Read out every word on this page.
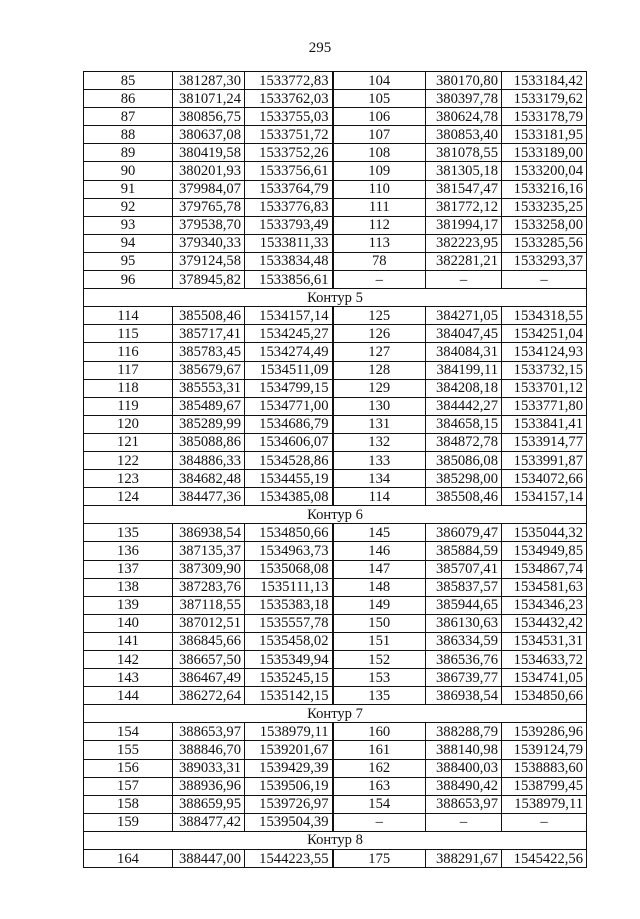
295
85	381287,30	1533772,83	104	380170,80	1533184,42
86	381071,24	1533762,03	105	380397,78	1533179,62
87	380856,75	1533755,03	106	380624,78	1533178,79
88	380637,08	1533751,72	107	380853,40	1533181,95
89	380419,58	1533752,26	108	381078,55	1533189,00
90	380201,93	1533756,61	109	381305,18	1533200,04
91	379984,07	1533764,79	110	381547,47	1533216,16
92	379765,78	1533776,83	111	381772,12	1533235,25
93	379538,70	1533793,49	112	381994,17	1533258,00
94	379340,33	1533811,33	113	382223,95	1533285,56
95	379124,58	1533834,48	78	382281,21	1533293,37
96	378945,82	1533856,61	–	–	–
Контур 5					
114	385508,46	1534157,14	125	384271,05	1534318,55
115	385717,41	1534245,27	126	384047,45	1534251,04
116	385783,45	1534274,49	127	384084,31	1534124,93
117	385679,67	1534511,09	128	384199,11	1533732,15
118	385553,31	1534799,15	129	384208,18	1533701,12
119	385489,67	1534771,00	130	384442,27	1533771,80
120	385289,99	1534686,79	131	384658,15	1533841,41
121	385088,86	1534606,07	132	384872,78	1533914,77
122	384886,33	1534528,86	133	385086,08	1533991,87
123	384682,48	1534455,19	134	385298,00	1534072,66
124	384477,36	1534385,08	114	385508,46	1534157,14
Контур 6					
135	386938,54	1534850,66	145	386079,47	1535044,32
136	387135,37	1534963,73	146	385884,59	1534949,85
137	387309,90	1535068,08	147	385707,41	1534867,74
138	387283,76	1535111,13	148	385837,57	1534581,63
139	387118,55	1535383,18	149	385944,65	1534346,23
140	387012,51	1535557,78	150	386130,63	1534432,42
141	386845,66	1535458,02	151	386334,59	1534531,31
142	386657,50	1535349,94	152	386536,76	1534633,72
143	386467,49	1535245,15	153	386739,77	1534741,05
144	386272,64	1535142,15	135	386938,54	1534850,66
Контур 7					
154	388653,97	1538979,11	160	388288,79	1539286,96
155	388846,70	1539201,67	161	388140,98	1539124,79
156	389033,31	1539429,39	162	388400,03	1538883,60
157	388936,96	1539506,19	163	388490,42	1538799,45
158	388659,95	1539726,97	154	388653,97	1538979,11
159	388477,42	1539504,39	–	–	–
Контур 8					
164	388447,00	1544223,55	175	388291,67	1545422,56
